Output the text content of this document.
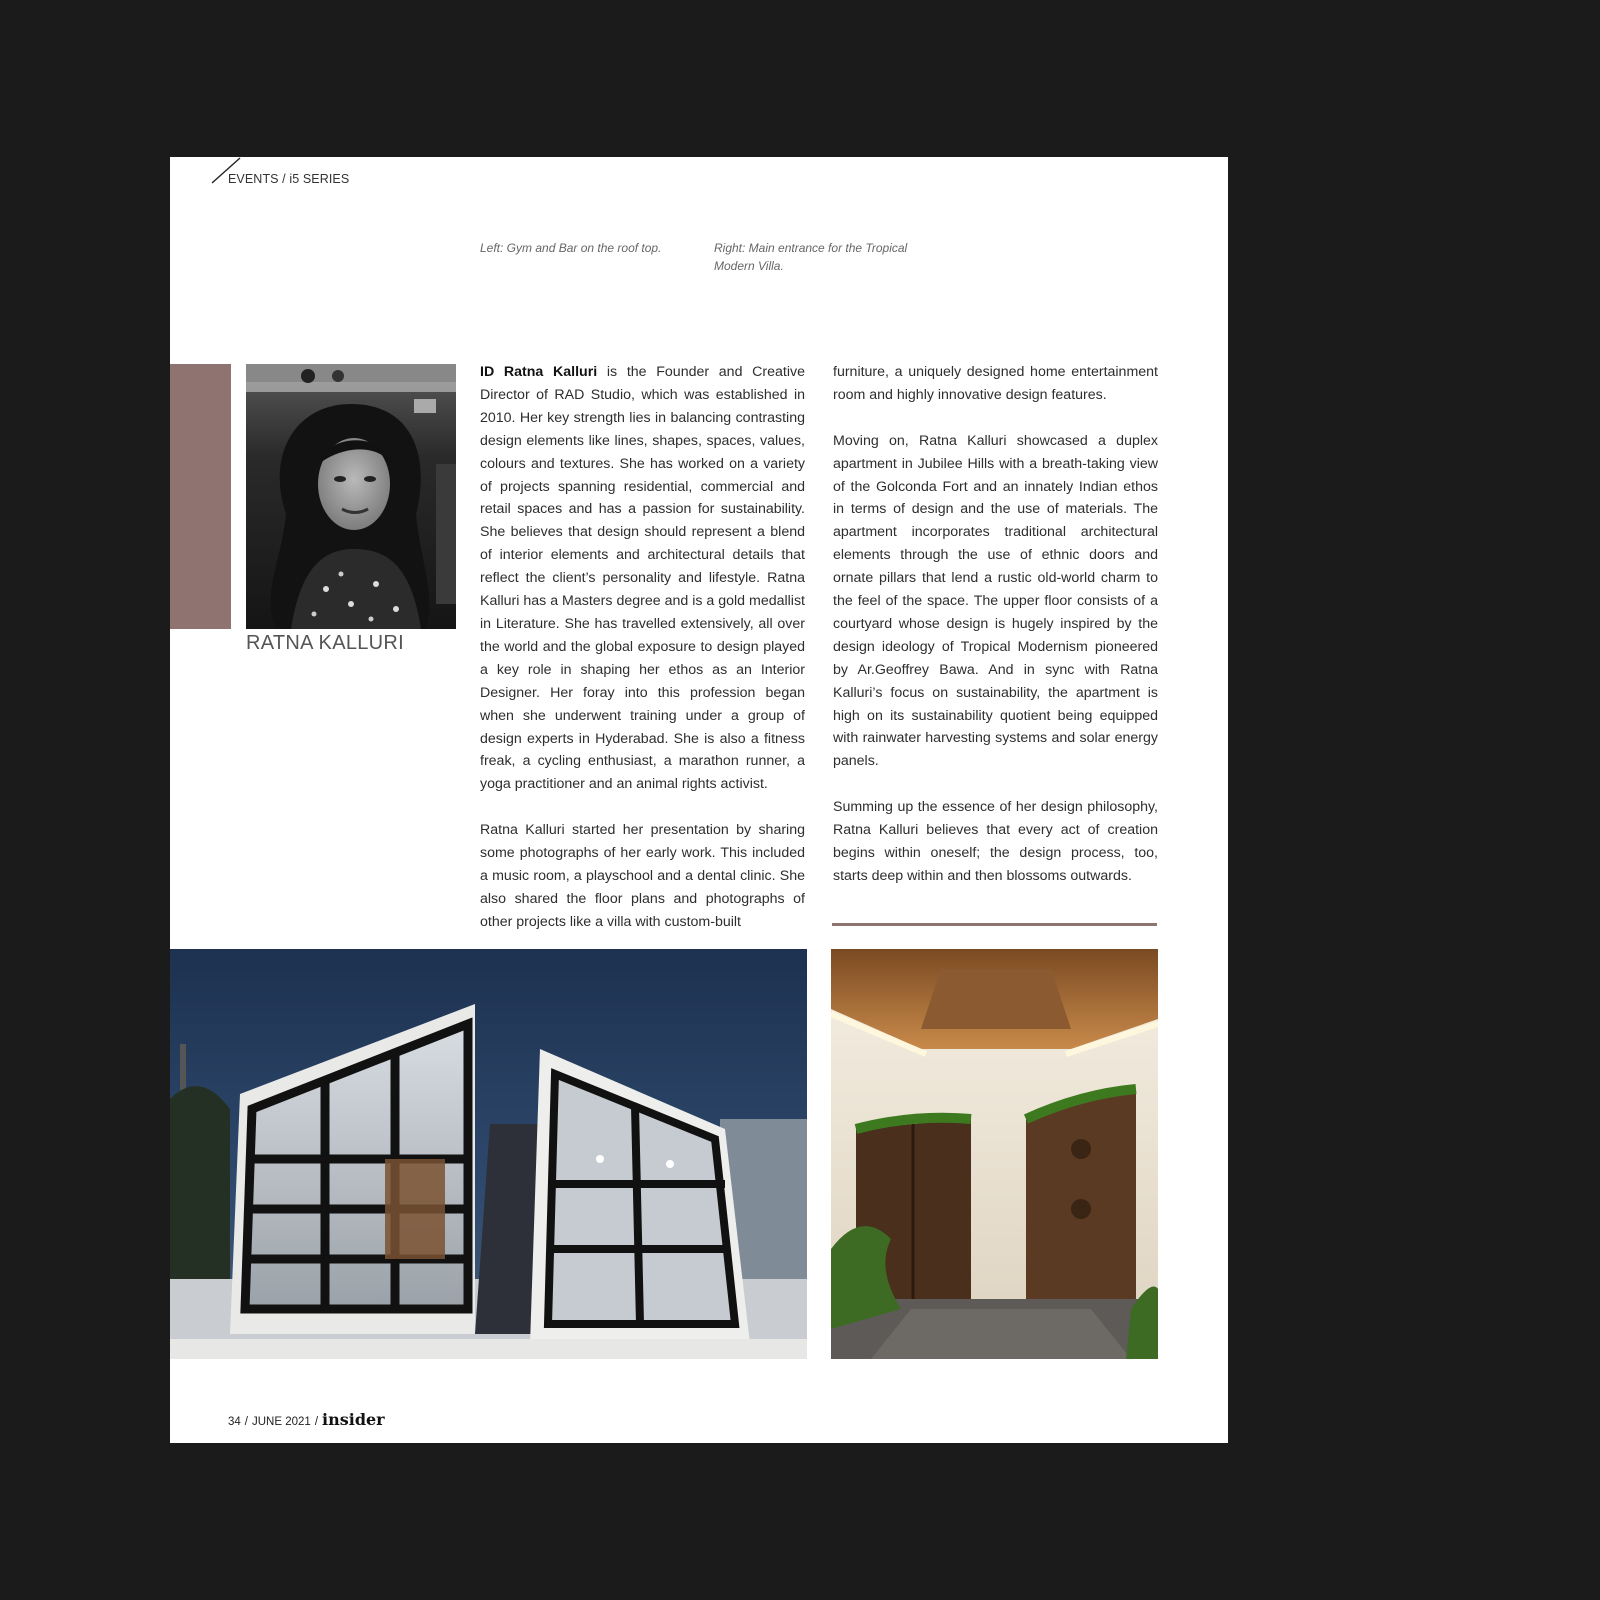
EVENTS / i5 SERIES
Left: Gym and Bar on the roof top.	Right: Main entrance for the Tropical Modern Villa.
RATNA KALLURI

ID Ratna Kalluri is the Founder and Creative Director of RAD Studio, which was established in 2010. Her key strength lies in balancing contrasting design elements like lines, shapes, spaces, values, colours and textures. She has worked on a variety of projects spanning residential, commercial and retail spaces and has a passion for sustainability. She believes that design should represent a blend of interior elements and architectural details that reflect the client’s personality and lifestyle. Ratna Kalluri has a Masters degree and is a gold medallist in Literature. She has travelled extensively, all over the world and the global exposure to design played a key role in shaping her ethos as an Interior Designer. Her foray into this profession began when she underwent training under a group of design experts in Hyderabad. She is also a fitness freak, a cycling enthusiast, a marathon runner, a yoga practitioner and an animal rights activist.

Ratna Kalluri started her presentation by sharing some photographs of her early work. This included a music room, a playschool and a dental clinic. She also shared the floor plans and photographs of other projects like a villa with custom-built

furniture, a uniquely designed home entertainment room and highly innovative design features.

Moving on, Ratna Kalluri showcased a duplex apartment in Jubilee Hills with a breath-taking view of the Golconda Fort and an innately Indian ethos in terms of design and the use of materials. The apartment incorporates traditional architectural elements through the use of ethnic doors and ornate pillars that lend a rustic old-world charm to the feel of the space. The upper floor consists of a courtyard whose design is hugely inspired by the design ideology of Tropical Modernism pioneered by Ar.Geoffrey Bawa. And in sync with Ratna Kalluri’s focus on sustainability, the apartment is high on its sustainability quotient being equipped with rainwater harvesting systems and solar energy panels.

Summing up the essence of her design philosophy, Ratna Kalluri believes that every act of creation begins within oneself; the design process, too, starts deep within and then blossoms outwards.

34 / JUNE 2021 / insider
